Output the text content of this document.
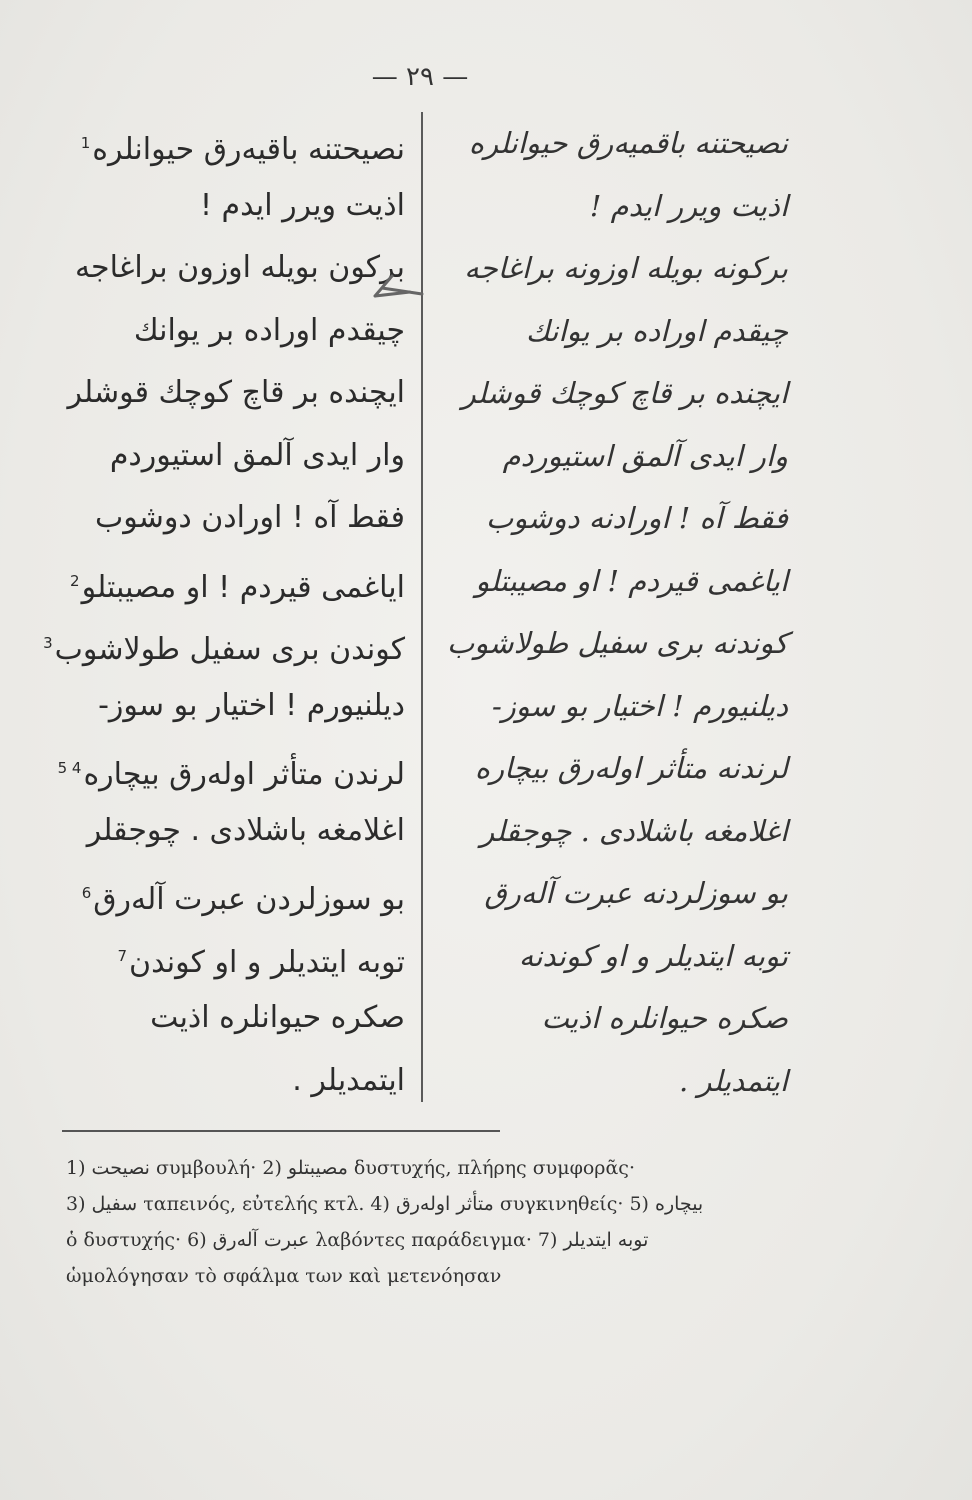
— ٢٩ —
نصیحتنه باقیه‌رق حیوانلره$^1$
اذیت ویرر ایدم !
برکون بویله اوزون براغاجه
چیقدم اوراده بر یوانك
ایچنده بر قاچ کوچك قوشلر
وار ایدی آلمق استیوردم
فقط آه ! اورادن دوشوب
ایاغمی قیردم ! او مصیبتلو$^2$
کوندن بری سفیل طولاشوب$^3$
دیلنیورم ! اختیار بو سوز-
لرندن متأثر اوله‌رق بیچاره$^{4 5}$
اغلامغه باشلادی . چوجقلر
بو سوزلردن عبرت آله‌رق$^6$
توبه ایتدیلر و او کوندن$^7$
صکره حیوانلره اذیت
ایتمدیلر .
نصیحتنه باقمیه‌رق حیوانلره
اذیت ویرر ایدم !
برکونه بویله اوزونه براغاجه
چیقدم اوراده بر یوانك
ایچنده بر قاچ کوچك قوشلر
وار ایدی آلمق استیوردم
فقط آه ! اورادنه دوشوب
ایاغمی قیردم ! او مصیبتلو
کوندنه بری سفیل طولاشوب
دیلنیورم ! اختیار بو سوز-
لرندنه متأثر اوله‌رق بیچاره
اغلامغه باشلادی . چوجقلر
بو سوزلردنه عبرت آله‌رق
توبه ایتدیلر و او کوندنه
صکره حیوانلره اذیت
ایتمدیلر .
1) نصیحت συμβουλή· 2) مصیبتلو δυστυχής, πλήρης συμφορᾶς·
3) سفیل ταπεινός, εὐτελής κτλ. 4) متأثر اوله‌رق συγκινηθείς· 5) بیچاره
ὁ δυστυχής· 6) عبرت آله‌رق λαβόντες παράδειγμα· 7) توبه ایتدیلر
ὡμολόγησαν τὸ σφάλμα των καὶ μετενόησαν
